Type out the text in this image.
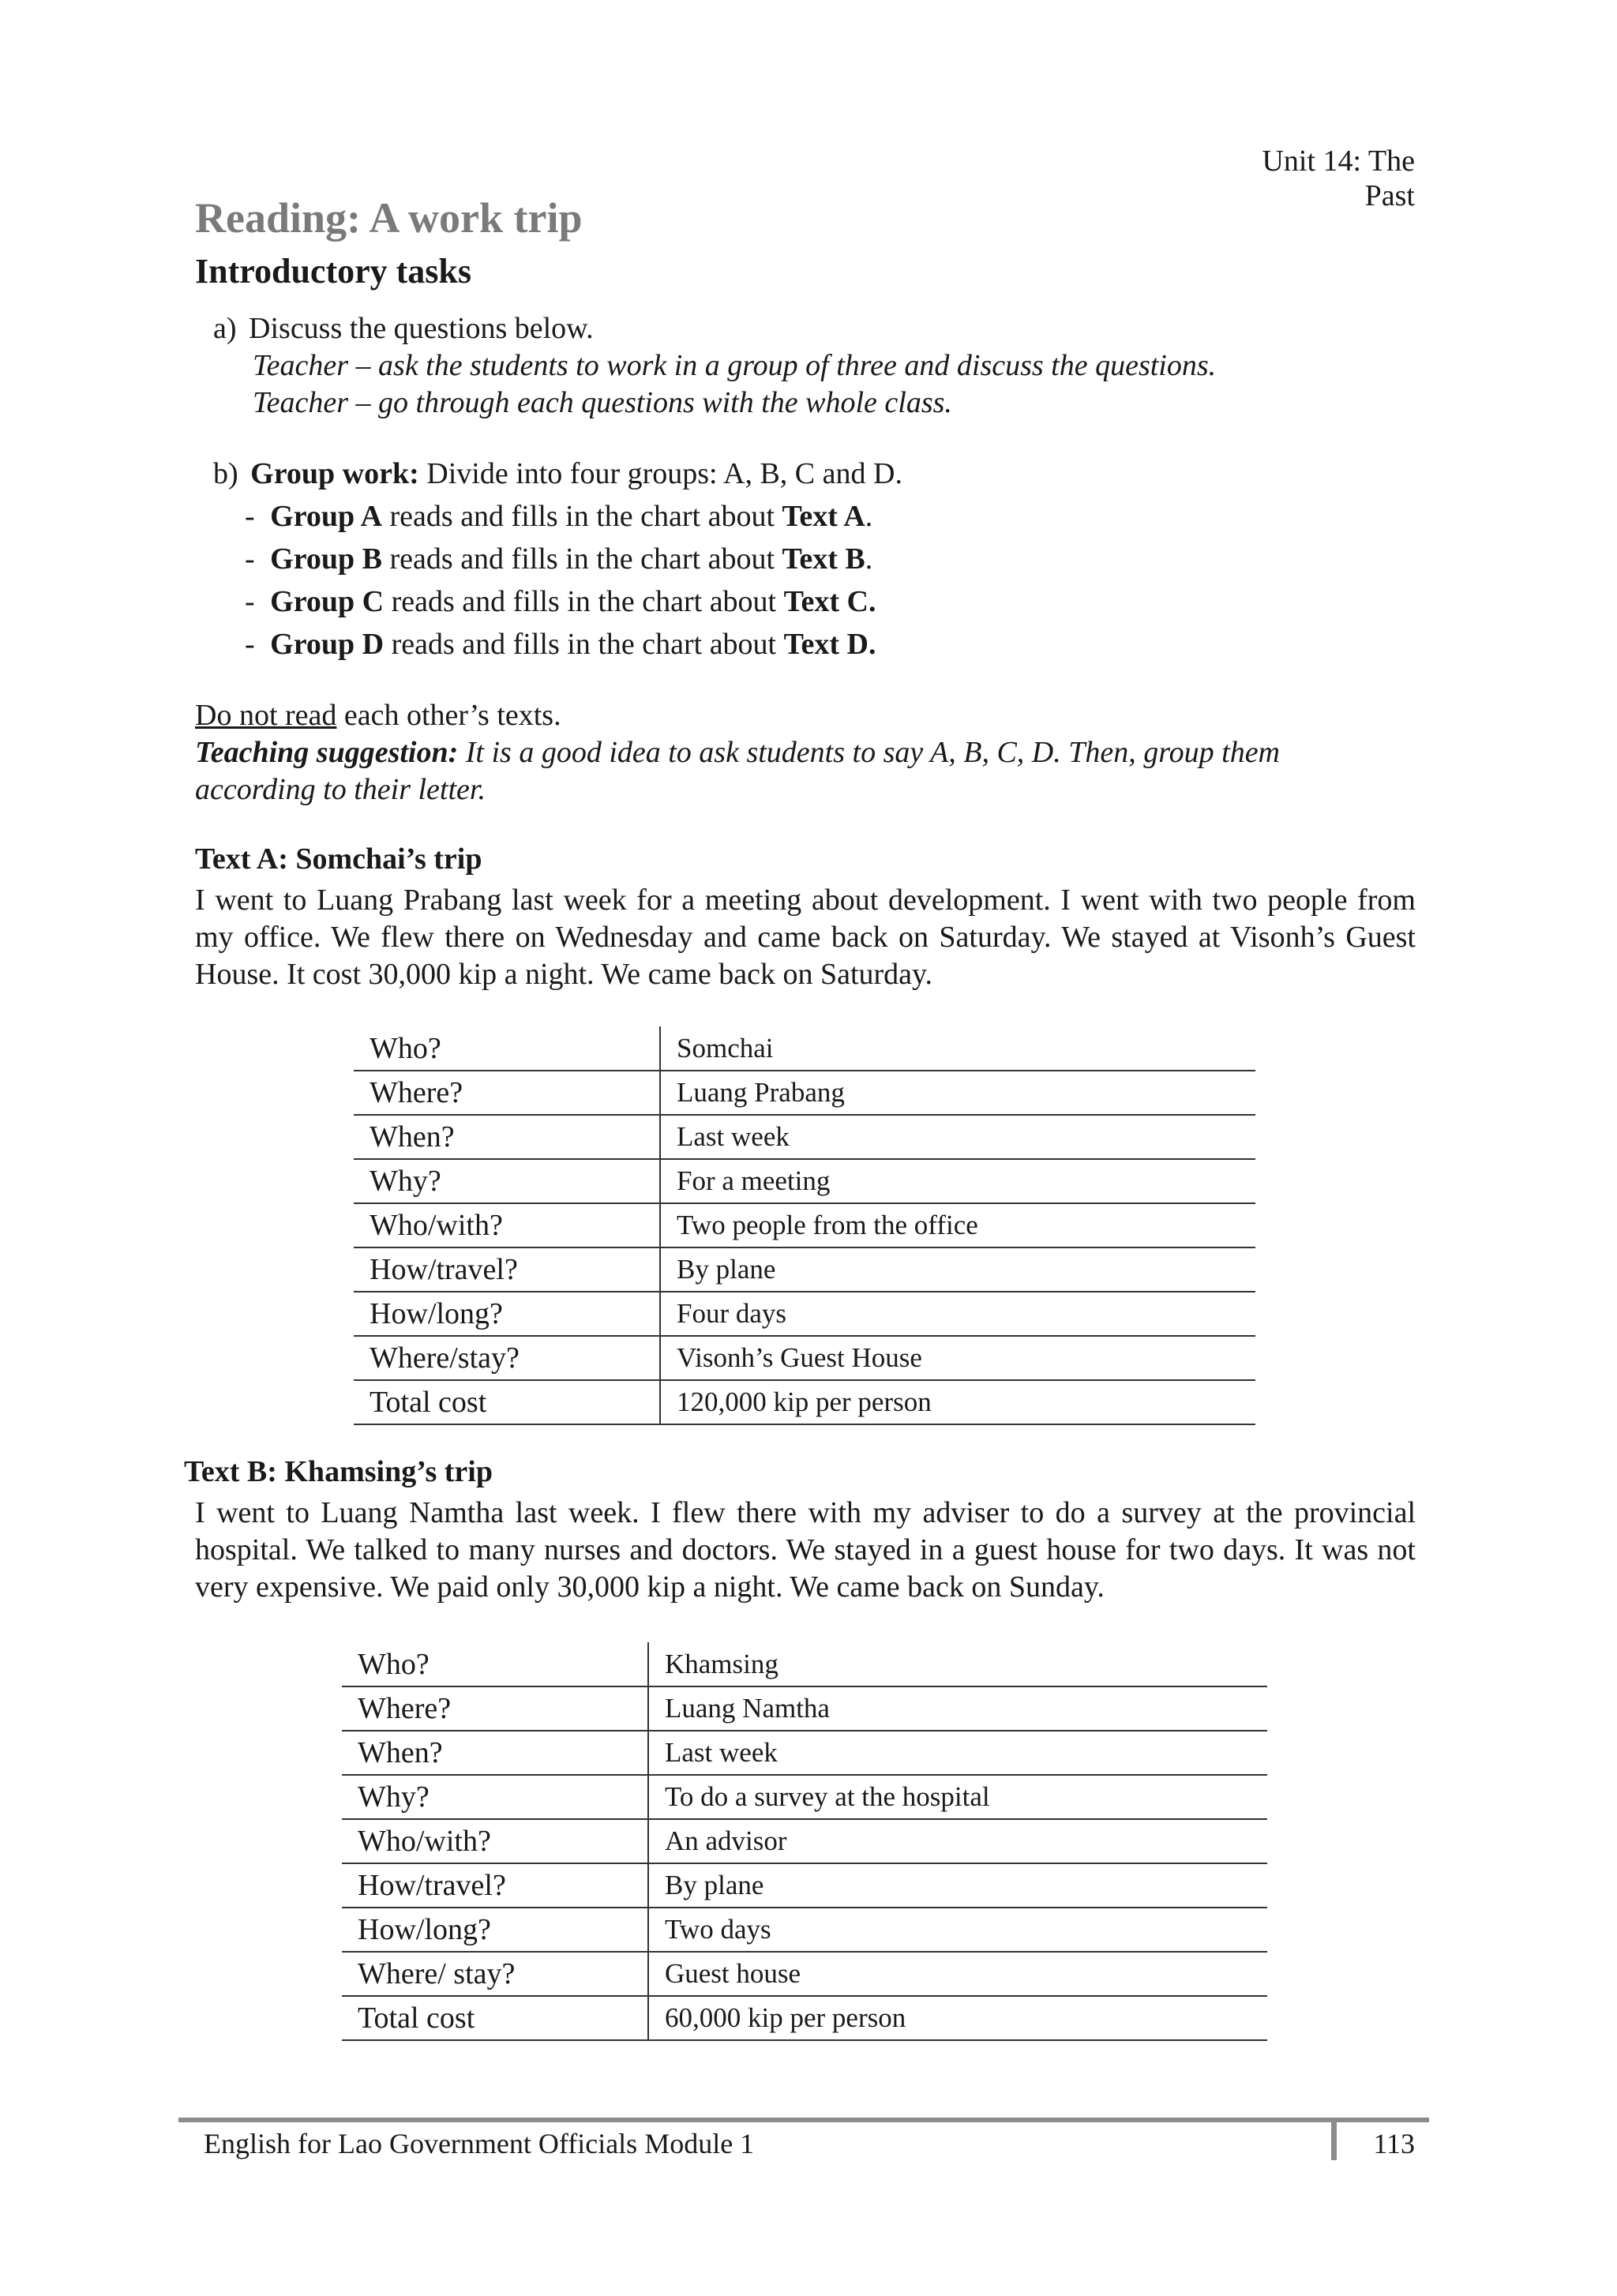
Unit 14: The Past
Reading: A work trip
Introductory tasks
a) Discuss the questions below.
Teacher – ask the students to work in a group of three and discuss the questions.
Teacher – go through each questions with the whole class.
b) Group work: Divide into four groups: A, B, C and D.
- Group A reads and fills in the chart about Text A.
- Group B reads and fills in the chart about Text B.
- Group C reads and fills in the chart about Text C.
- Group D reads and fills in the chart about Text D.
Do not read each other’s texts.
Teaching suggestion: It is a good idea to ask students to say A, B, C, D. Then, group them
according to their letter.
Text A: Somchai’s trip
I went to Luang Prabang last week for a meeting about development. I went with two people from my office. We flew there on Wednesday and came back on Saturday. We stayed at Visonh’s Guest House. It cost 30,000 kip a night. We came back on Saturday.
Who?	Somchai
Where?	Luang Prabang
When?	Last week
Why?	For a meeting
Who/with?	Two people from the office
How/travel?	By plane
How/long?	Four days
Where/stay?	Visonh’s Guest House
Total cost	120,000 kip per person
Text B: Khamsing’s trip
I went to Luang Namtha last week. I flew there with my adviser to do a survey at the provincial hospital. We talked to many nurses and doctors. We stayed in a guest house for two days. It was not very expensive. We paid only 30,000 kip a night. We came back on Sunday.
Who?	Khamsing
Where?	Luang Namtha
When?	Last week
Why?	To do a survey at the hospital
Who/with?	An advisor
How/travel?	By plane
How/long?	Two days
Where/ stay?	Guest house
Total cost	60,000 kip per person
English for Lao Government Officials Module 1	113
